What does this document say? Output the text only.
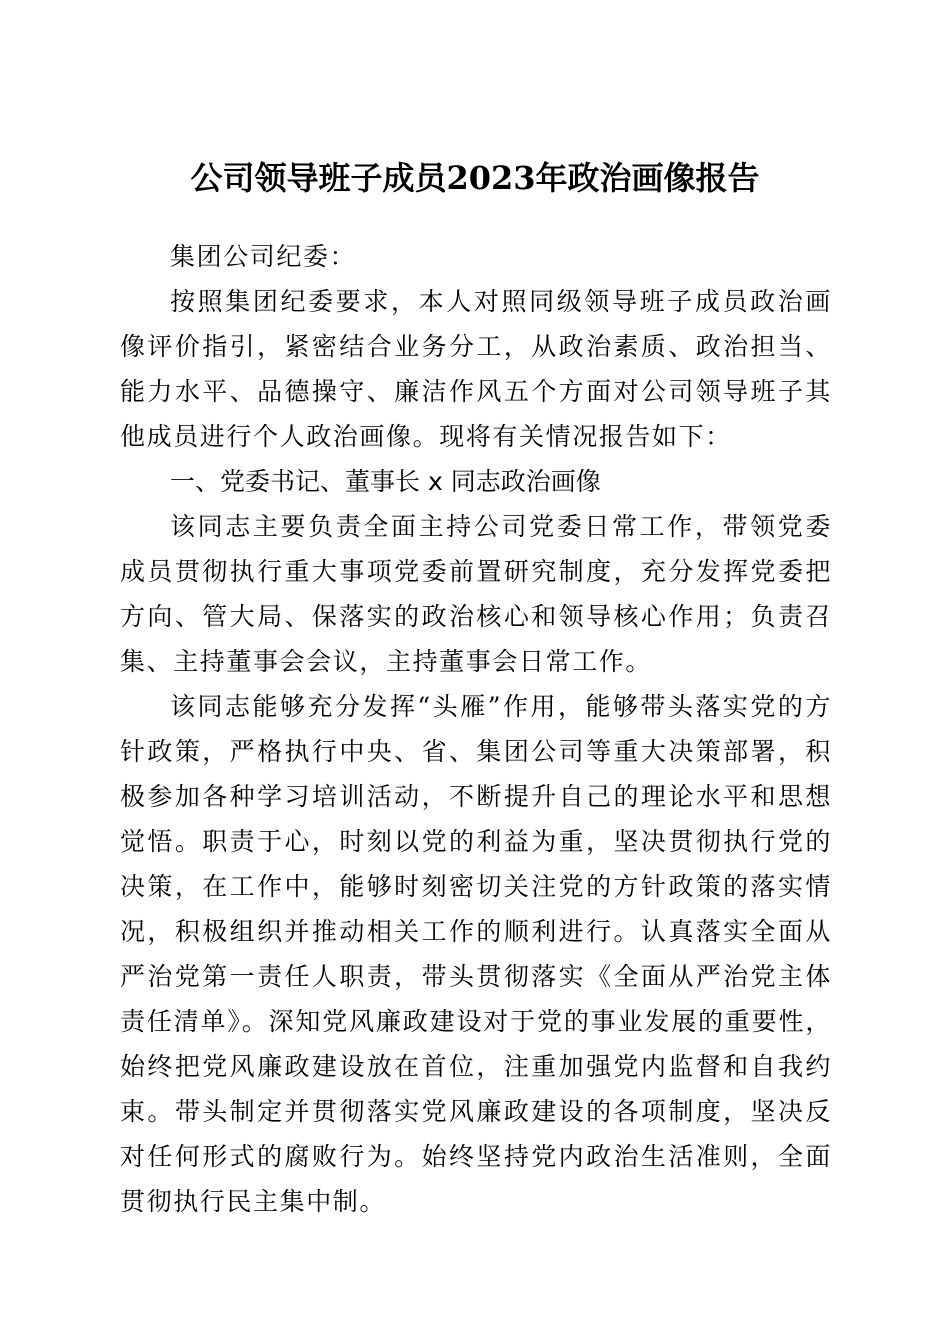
公司领导班子成员2023年政治画像报告

集团公司纪委：

按照集团纪委要求，本人对照同级领导班子成员政治画像评价指引，紧密结合业务分工，从政治素质、政治担当、能力水平、品德操守、廉洁作风五个方面对公司领导班子其他成员进行个人政治画像。现将有关情况报告如下：

一、党委书记、董事长 x 同志政治画像

该同志主要负责全面主持公司党委日常工作，带领党委成员贯彻执行重大事项党委前置研究制度，充分发挥党委把方向、管大局、保落实的政治核心和领导核心作用；负责召集、主持董事会会议，主持董事会日常工作。

该同志能够充分发挥“头雁”作用，能够带头落实党的方针政策，严格执行中央、省、集团公司等重大决策部署，积极参加各种学习培训活动，不断提升自己的理论水平和思想觉悟。职责于心，时刻以党的利益为重，坚决贯彻执行党的决策，在工作中，能够时刻密切关注党的方针政策的落实情况，积极组织并推动相关工作的顺利进行。认真落实全面从严治党第一责任人职责，带头贯彻落实《全面从严治党主体责任清单》。深知党风廉政建设对于党的事业发展的重要性，始终把党风廉政建设放在首位，注重加强党内监督和自我约束。带头制定并贯彻落实党风廉政建设的各项制度，坚决反对任何形式的腐败行为。始终坚持党内政治生活准则，全面贯彻执行民主集中制。
